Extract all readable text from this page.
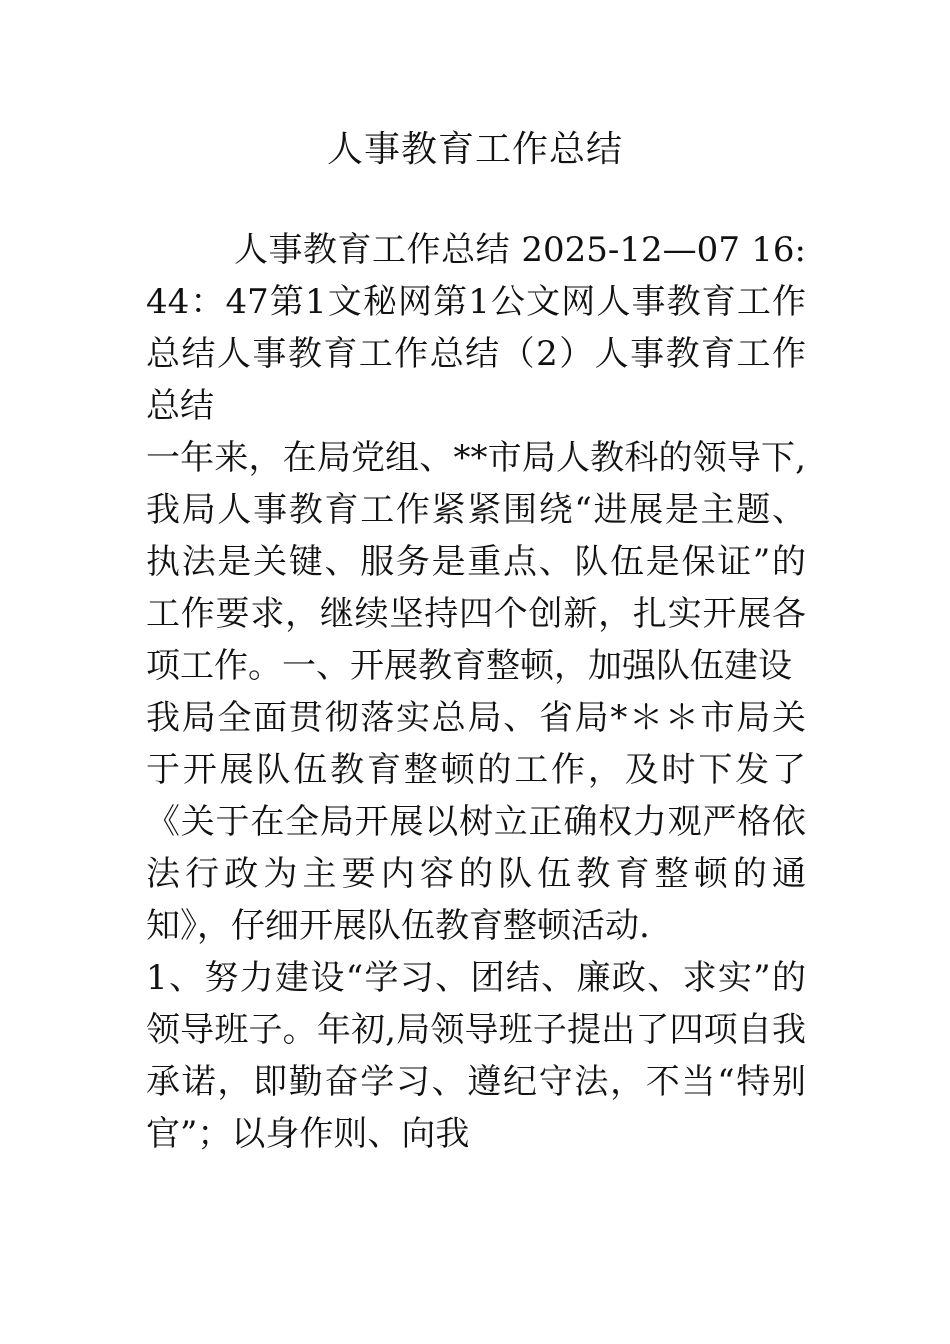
人事教育工作总结

人事教育工作总结 2025-12—07 16:44：47第1文秘网第1公文网人事教育工作总结人事教育工作总结（2）人事教育工作总结

一年来，在局党组、**市局人教科的领导下,我局人事教育工作紧紧围绕“进展是主题、执法是关键、服务是重点、队伍是保证”的工作要求，继续坚持四个创新，扎实开展各项工作。一、开展教育整顿，加强队伍建设

我局全面贯彻落实总局、省局*＊＊市局关于开展队伍教育整顿的工作，及时下发了《关于在全局开展以树立正确权力观严格依法行政为主要内容的队伍教育整顿的通知》，仔细开展队伍教育整顿活动.

1、努力建设“学习、团结、廉政、求实”的领导班子。年初,局领导班子提出了四项自我承诺，即勤奋学习、遵纪守法，不当“特别官”；以身作则、向我
